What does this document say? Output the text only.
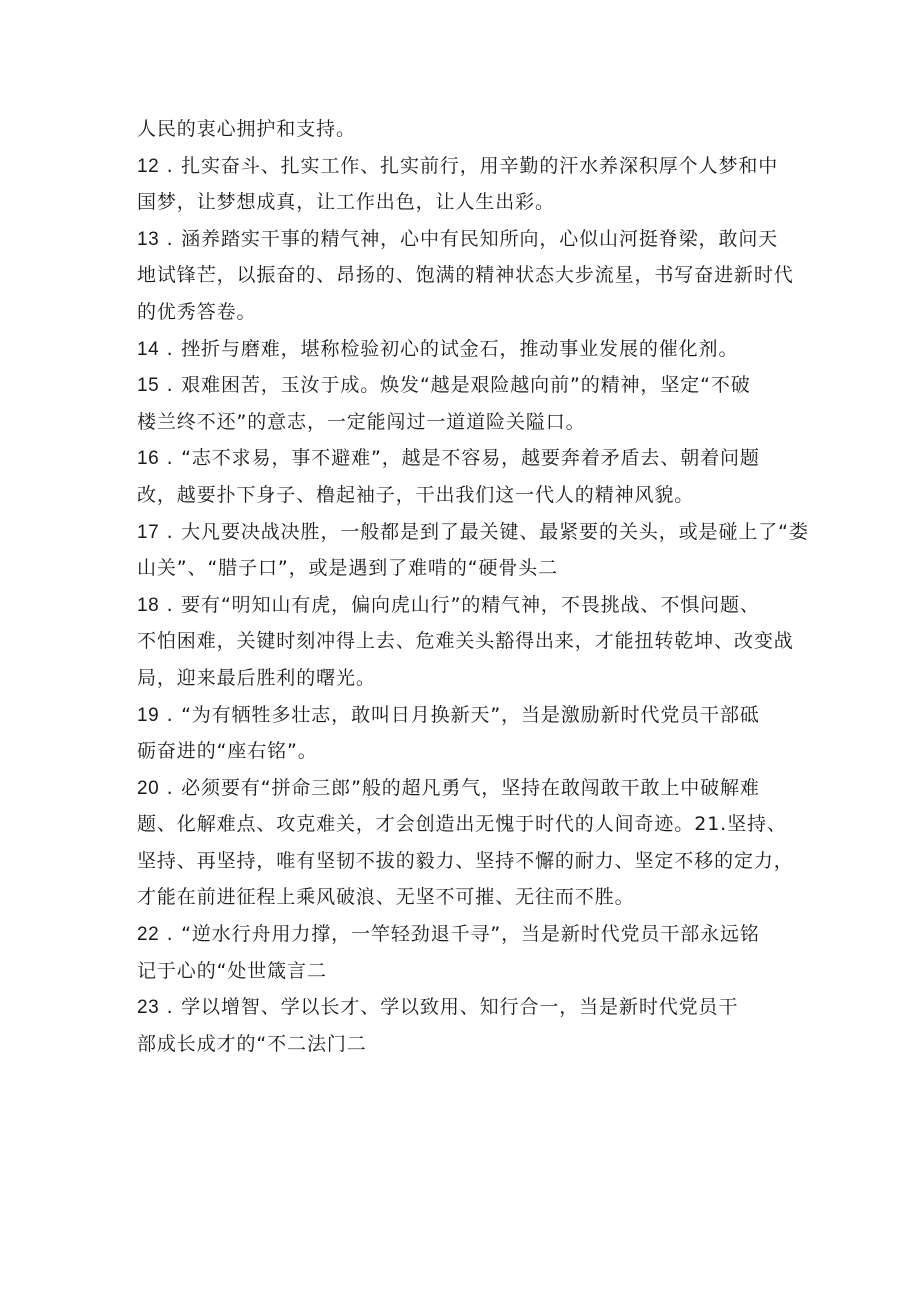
人民的衷心拥护和支持。
12 . 扎实奋斗、扎实工作、扎实前行，用辛勤的汗水养深积厚个人梦和中
国梦，让梦想成真，让工作出色，让人生出彩。
13 . 涵养踏实干事的精气神，心中有民知所向，心似山河挺脊梁，敢问天
地试锋芒，以振奋的、昂扬的、饱满的精神状态大步流星，书写奋进新时代
的优秀答卷。
14 . 挫折与磨难，堪称检验初心的试金石，推动事业发展的催化剂。
15 . 艰难困苦，玉汝于成。焕发“越是艰险越向前”的精神，坚定“不破
楼兰终不还”的意志，一定能闯过一道道险关隘口。
16 . “志不求易，事不避难”，越是不容易，越要奔着矛盾去、朝着问题
改，越要扑下身子、橹起袖子，干出我们这一代人的精神风貌。
17 . 大凡要决战决胜，一般都是到了最关键、最紧要的关头，或是碰上了“娄
山关”、“腊子口”，或是遇到了难啃的“硬骨头二
18 . 要有“明知山有虎，偏向虎山行”的精气神，不畏挑战、不惧问题、
不怕困难，关键时刻冲得上去、危难关头豁得出来，才能扭转乾坤、改变战
局，迎来最后胜利的曙光。
19 . “为有牺牲多壮志，敢叫日月换新天”，当是激励新时代党员干部砥
砺奋进的“座右铭”。
20 . 必须要有“拼命三郎”般的超凡勇气，坚持在敢闯敢干敢上中破解难
题、化解难点、攻克难关，才会创造出无愧于时代的人间奇迹。21.坚持、
坚持、再坚持，唯有坚韧不拔的毅力、坚持不懈的耐力、坚定不移的定力，
才能在前进征程上乘风破浪、无坚不可摧、无往而不胜。
22 . “逆水行舟用力撑，一竿轻劲退千寻”，当是新时代党员干部永远铭
记于心的“处世箴言二
23 . 学以增智、学以长才、学以致用、知行合一，当是新时代党员干
部成长成才的“不二法门二
